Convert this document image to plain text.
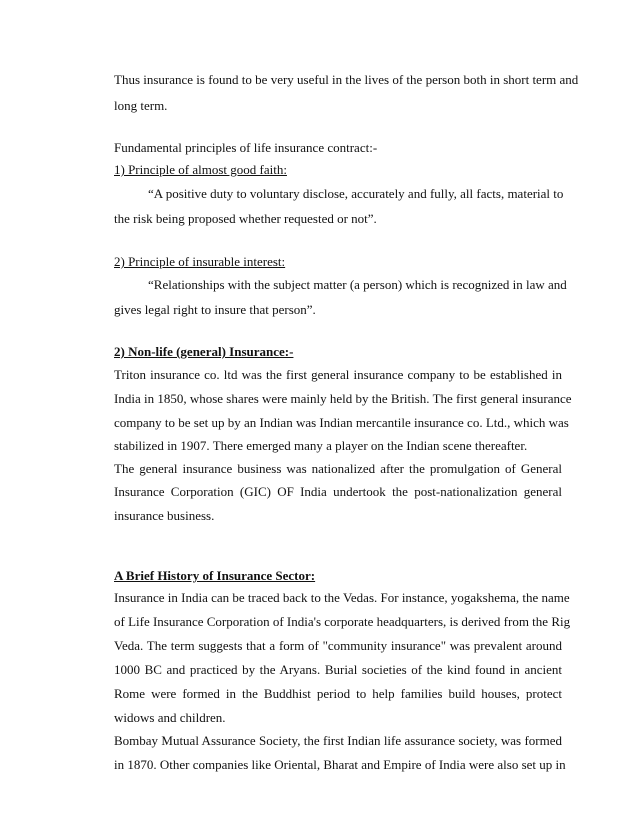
Thus insurance is found to be very useful in the lives of the person both in short term and
long term.
Fundamental principles of life insurance contract:-
1) Principle of almost good faith:
“A positive duty to voluntary disclose, accurately and fully, all facts, material to
the risk being proposed whether requested or not”.
2) Principle of insurable interest:
“Relationships with the subject matter (a person) which is recognized in law and
gives legal right to insure that person”.
2) Non-life (general) Insurance:-
Triton insurance co. ltd was the first general insurance company to be established in
India in 1850, whose shares were mainly held by the British. The first general insurance
company to be set up by an Indian was Indian mercantile insurance co. Ltd., which was
stabilized in 1907. There emerged many a player on the Indian scene thereafter.
The general insurance business was nationalized after the promulgation of General
Insurance Corporation (GIC) OF India undertook the post-nationalization general
insurance business.
A Brief History of Insurance Sector:
Insurance in India can be traced back to the Vedas. For instance, yogakshema, the name
of Life Insurance Corporation of India's corporate headquarters, is derived from the Rig
Veda. The term suggests that a form of "community insurance" was prevalent around
1000 BC and practiced by the Aryans. Burial societies of the kind found in ancient
Rome were formed in the Buddhist period to help families build houses, protect
widows and children.
Bombay Mutual Assurance Society, the first Indian life assurance society, was formed
in 1870. Other companies like Oriental, Bharat and Empire of India were also set up in
